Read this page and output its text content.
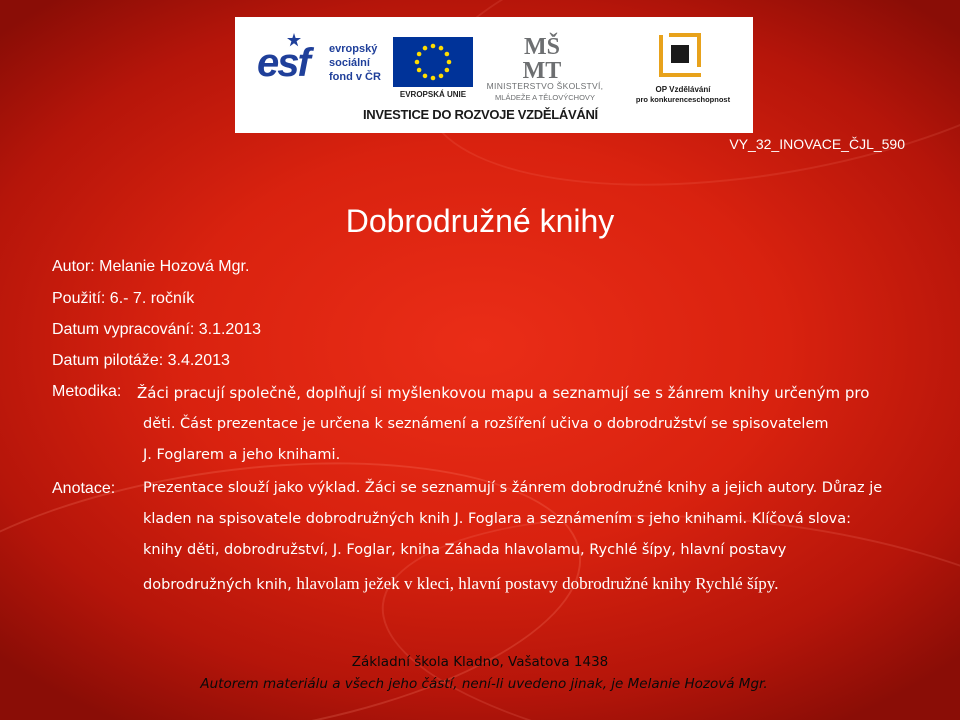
esf evropský
sociální
fond v ČR
EVROPSKÁ UNIE
MŠ MT
MINISTERSTVO ŠKOLSTVÍ,
MLÁDEŽE A TĚLOVÝCHOVY
OP Vzdělávání
pro konkurenceschopnost
INVESTICE DO ROZVOJE VZDĚLÁVÁNÍ
VY_32_INOVACE_ČJL_590
Dobrodružné knihy
Autor: Melanie Hozová Mgr.
Použití: 6.- 7. ročník
Datum vypracování: 3.1.2013
Datum pilotáže: 3.4.2013
Metodika: Žáci pracují společně, doplňují si myšlenkovou mapu a seznamují se s žánrem knihy určeným pro
děti. Část prezentace je určena k seznámení a rozšíření učiva o dobrodružství se spisovatelem
J. Foglarem a jeho knihami.
Anotace: Prezentace slouží jako výklad. Žáci se seznamují s žánrem dobrodružné knihy a jejich autory. Důraz je
kladen na spisovatele dobrodružných knih J. Foglara a seznámením s jeho knihami. Klíčová slova:
knihy děti, dobrodružství, J. Foglar, kniha Záhada hlavolamu, Rychlé šípy, hlavní postavy
dobrodružných knih, hlavolam ježek v kleci, hlavní postavy dobrodružné knihy Rychlé šípy.
Základní škola Kladno, Vašatova 1438
Autorem materiálu a všech jeho částí, není-li uvedeno jinak, je Melanie Hozová Mgr.
